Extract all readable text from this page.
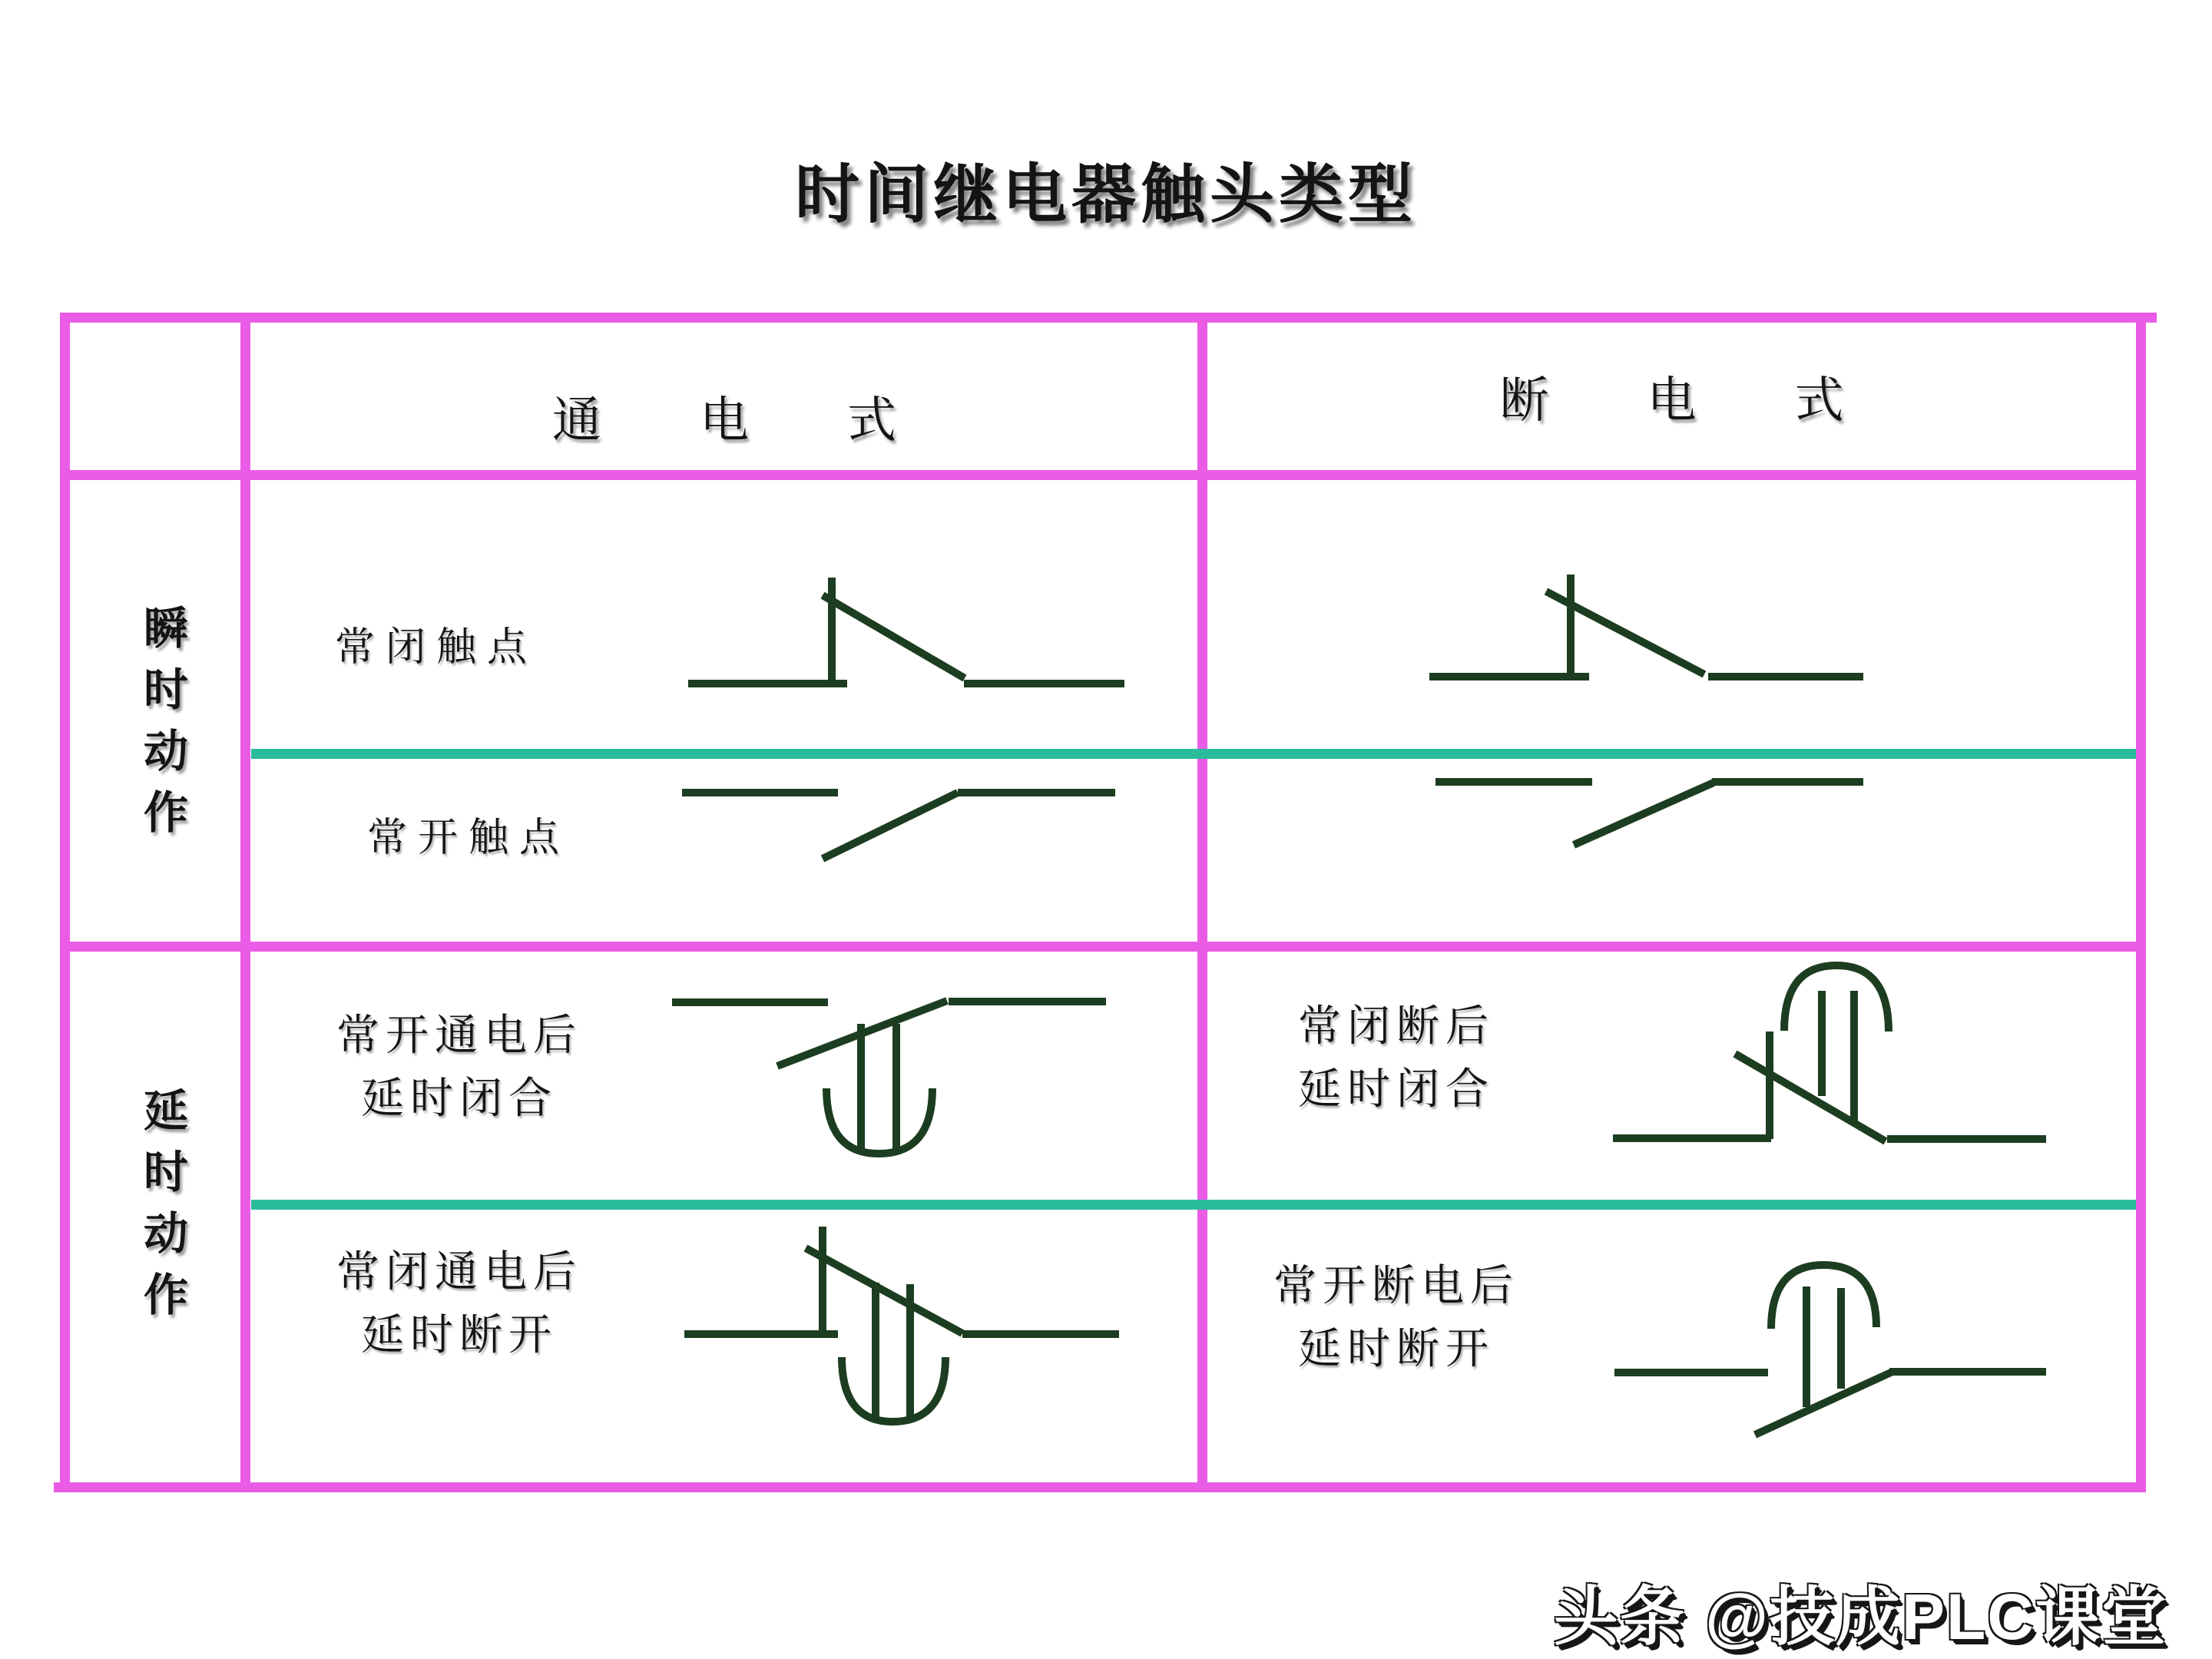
时间继电器触头类型
通电式	断电式
瞬时动作
延时动作
常闭触点
常开触点
常开通电后
延时闭合
常闭通电后
延时断开
常闭断后
延时闭合
常开断电后
延时断开
头条 @技成PLC课堂
